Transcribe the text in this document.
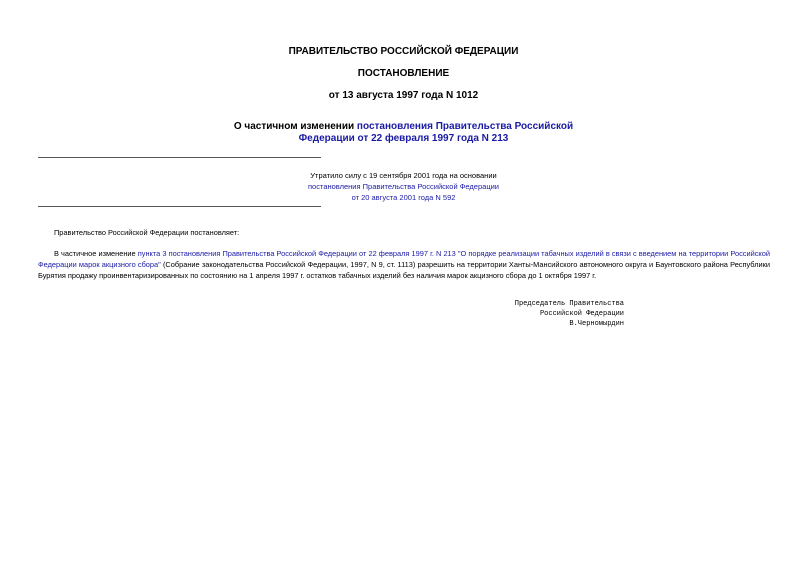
ПРАВИТЕЛЬСТВО РОССИЙСКОЙ ФЕДЕРАЦИИ
ПОСТАНОВЛЕНИЕ
от 13 августа 1997 года N 1012
О частичном изменении постановления Правительства Российской
Федерации от 22 февраля 1997 года N 213
Утратило силу с 19 сентября 2001 года на основании
постановления Правительства Российской Федерации
от 20 августа 2001 года N 592
Правительство Российской Федерации постановляет:
В частичное изменение пункта 3 постановления Правительства Российской Федерации от 22 февраля 1997 г. N 213 "О порядке реализации табачных изделий в связи с введением на территории Российской Федерации марок акцизного сбора" (Собрание законодательства Российской Федерации, 1997, N 9, ст. 1113) разрешить на территории Ханты-Мансийского автономного округа и Баунтовского района Республики Бурятия продажу проинвентаризированных по состоянию на 1 апреля 1997 г. остатков табачных изделий без наличия марок акцизного сбора до 1 октября 1997 г.
Председатель Правительства
Российской Федерации
В.Черномырдин
